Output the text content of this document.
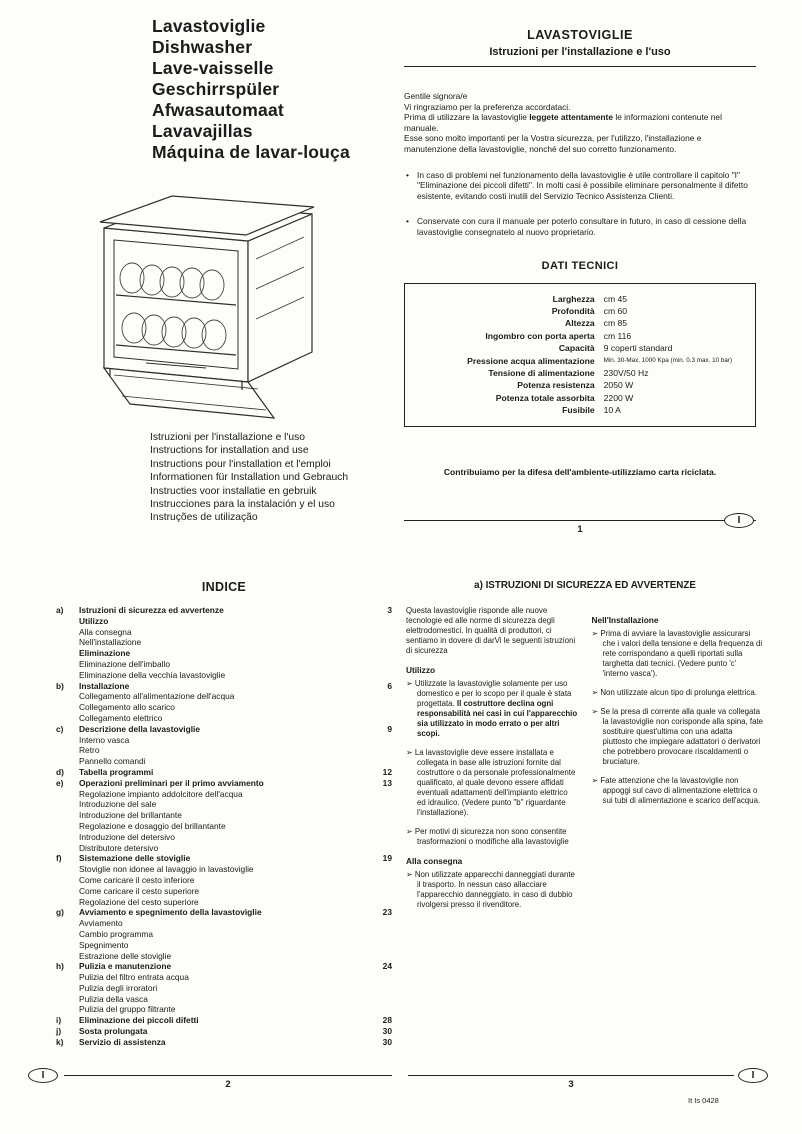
Lavastoviglie
Dishwasher
Lave-vaisselle
Geschirrspüler
Afwasautomaat
Lavavajillas
Máquina de lavar-louça
Istruzioni per l'installazione e l'uso
Instructions for installation and use
Instructions pour l'installation et l'emploi
Informationen für Installation und Gebrauch
Instructies voor installatie en gebruik
Instrucciones para la instalación y el uso
Instruções de utilização
LAVASTOVIGLIE
Istruzioni per l'installazione e l'uso
Gentile signora/e
Vi ringraziamo per la preferenza accordataci.
Prima di utilizzare la lavastoviglie leggete attentamente le informazioni contenute nel manuale.
Esse sono molto importanti per la Vostra sicurezza, per l'utilizzo, l'installazione e manutenzione della lavastoviglie, nonché del suo corretto funzionamento.
• In caso di problemi nel funzionamento della lavastoviglie è utile controllare il capitolo "I" "Eliminazione dei piccoli difetti". In molti casi è possibile eliminare personalmente il difetto esistente, evitando costi inutili del Servizio Tecnico Assistenza Clienti.
• Conservate con cura il manuale per poterlo consultare in futuro, in caso di cessione della lavastoviglie consegnatelo al nuovo proprietario.
DATI TECNICI
Larghezza	cm 45
Profondità	cm 60
Altezza	cm 85
Ingombro con porta aperta	cm 116
Capacità	9 coperti standard
Pressione acqua alimentazione	Min. 30-Max. 1000 Kpa (min. 0.3 max. 10 bar)
Tensione di alimentazione	230V/50 Hz
Potenza resistenza	2050 W
Potenza totale assorbita	2200 W
Fusibile	10 A
Contribuiamo per la difesa dell'ambiente-utilizziamo carta riciclata.
1
I
INDICE
a)	Istruzioni di sicurezza ed avvertenze	3
Utilizzo
Alla consegna
Nell'installazione
Eliminazione
Eliminazione dell'imballo
Eliminazione della vecchia lavastoviglie
b)	Installazione	6
Collegamento all'alimentazione dell'acqua
Collegamento allo scarico
Collegamento elettrico
c)	Descrizione della lavastoviglie	9
Interno vasca
Retro
Pannello comandi
d)	Tabella programmi	12
e)	Operazioni preliminari per il primo avviamento	13
Regolazione impianto addolcitore dell'acqua
Introduzione del sale
Introduzione del brillantante
Regolazione e dosaggio del brillantante
Introduzione del detersivo
Distributore detersivo
f)	Sistemazione delle stoviglie	19
Stoviglie non idonee al lavaggio in lavastoviglie
Come caricare il cesto inferiore
Come caricare il cesto superiore
Regolazione del cesto superiore
g)	Avviamento e spegnimento della lavastoviglie	23
Avviamento
Cambio programma
Spegnimento
Estrazione delle stoviglie
h)	Pulizia e manutenzione	24
Pulizia del filtro entrata acqua
Pulizia degli irroratori
Pulizia della vasca
Pulizia del gruppo filtrante
i)	Eliminazione dei piccoli difetti	28
j)	Sosta prolungata	30
k)	Servizio di assistenza	30
I
2
a) ISTRUZIONI DI SICUREZZA ED AVVERTENZE
Questa lavastoviglie risponde alle nuove tecnologie ed alle norme di sicurezza degli elettrodomestici. In qualità di produttori, ci sentiamo in dovere di darVi le seguenti istruzioni di sicurezza
Utilizzo
➢ Utilizzate la lavastoviglie solamente per uso domestico e per lo scopo per il quale è stata progettata. Il costruttore declina ogni responsabilità nei casi in cui l'apparecchio sia utilizzato in modo errato o per altri scopi.
➢ La lavastoviglie deve essere installata e collegata in base alle istruzioni fornite dal costruttore o da personale professionalmente qualificato, al quale devono essere affidati eventuali adattamenti dell'impianto elettrico ed idraulico. (Vedere punto "b" riguardante l'installazione).
➢ Per motivi di sicurezza non sono consentite trasformazioni o modifiche alla lavastoviglie
Alla consegna
➢ Non utilizzate apparecchi danneggiati durante il trasporto. In nessun caso allacciare l'apparecchio danneggiato. in caso di dubbio rivolgersi presso il rivenditore.
Nell'Installazione
➢ Prima di avviare la lavastoviglie assicurarsi che i valori della tensione e della frequenza di rete corrispondano a quelli riportati sulla targhetta dati tecnici. (Vedere punto 'c' 'interno vasca').
➢ Non utilizzate alcun tipo di prolunga elettrica.
➢ Se la presa di corrente alla quale va collegata la lavastoviglie non corisponde alla spina, fate sostituire quest'ultima con una adatta piuttosto che impiegare adattatori o derivatori che potrebbero provocare riscaldamenti o bruciature.
➢ Fate attenzione che la lavastoviglie non appoggi sul cavo di alimentazione elettrica o sui tubi di alimentazione e scarico dell'acqua.
3
I
It Is 0428
